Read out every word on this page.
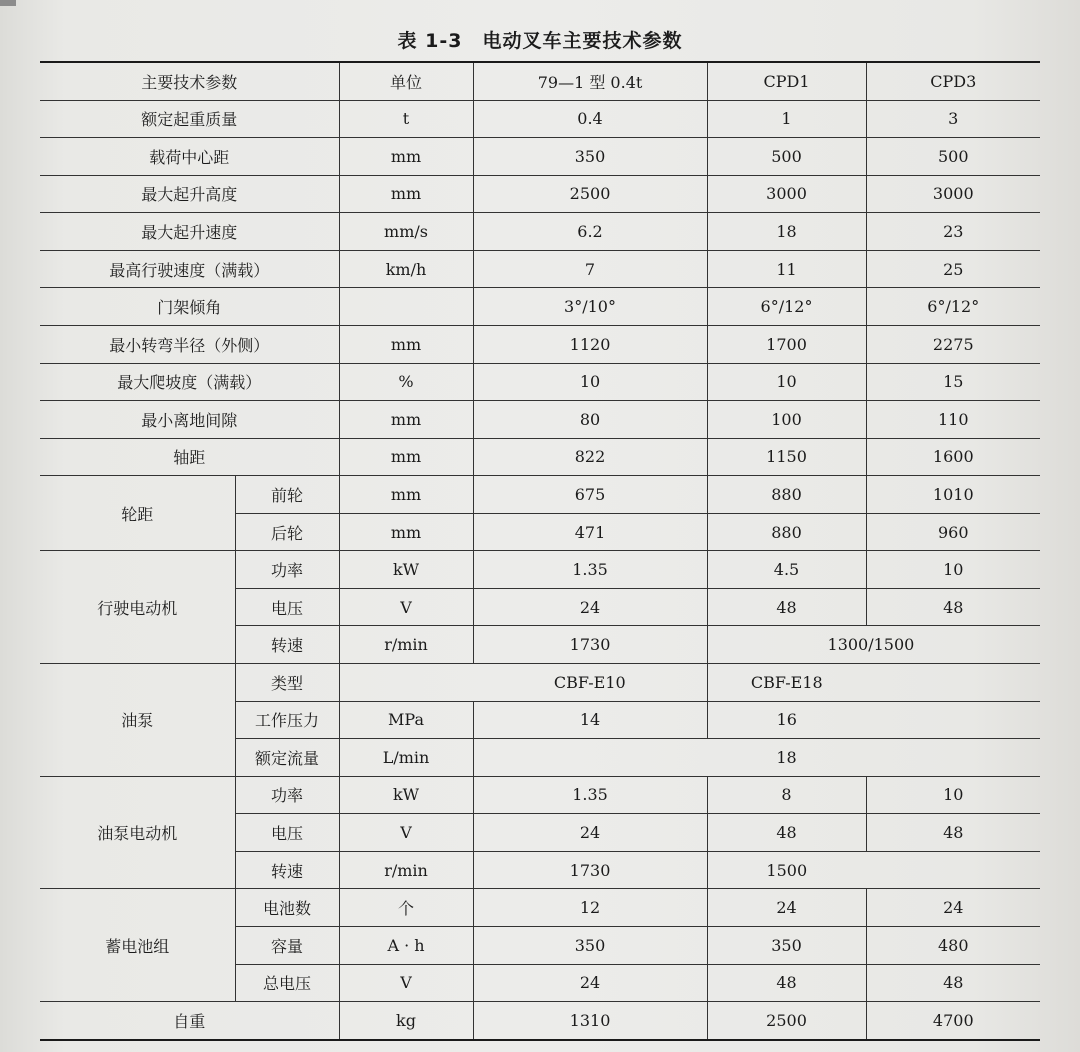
表 1-3　电动叉车主要技术参数
主要技术参数		单位	79—1 型 0.4t	CPD1	CPD3
额定起重质量		t	0.4	1	3
载荷中心距		mm	350	500	500
最大起升高度		mm	2500	3000	3000
最大起升速度		mm/s	6.2	18	23
最高行驶速度（满载）		km/h	7	11	25
门架倾角			3°/10°	6°/12°	6°/12°
最小转弯半径（外侧）		mm	1120	1700	2275
最大爬坡度（满载）		%	10	10	15
最小离地间隙		mm	80	100	110
轴距		mm	822	1150	1600
轮距	前轮	mm	675	880	1010
	后轮	mm	471	880	960
行驶电动机	功率	kW	1.35	4.5	10
	电压	V	24	48	48
	转速	r/min	1730	1300/1500	
油泵	类型		CBF-E10	CBF-E18	
	工作压力	MPa	14	16	
	额定流量	L/min		18	
油泵电动机	功率	kW	1.35	8	10
	电压	V	24	48	48
	转速	r/min	1730	1500	
蓄电池组	电池数	个	12	24	24
	容量	A · h	350	350	480
	总电压	V	24	48	48
自重		kg	1310	2500	4700
